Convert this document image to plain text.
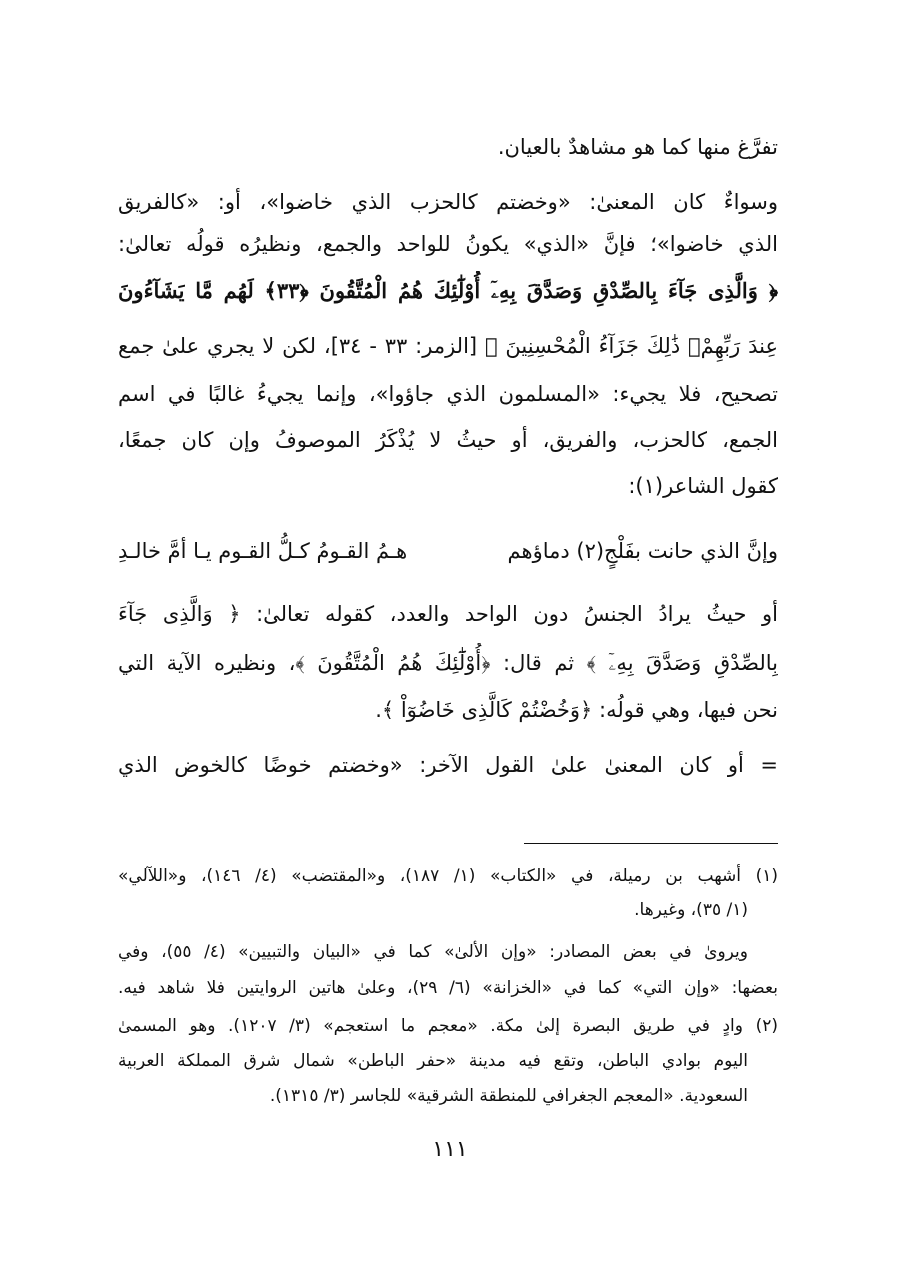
تفرَّغ منها كما هو مشاهدٌ بالعيان.
وسواءٌ كان المعنىٰ: «وخضتم كالحزب الذي خاضوا»، أو: «كالفريق
الذي خاضوا»؛ فإنَّ «الذي» يكونُ للواحد والجمع، ونظيرُه قولُه تعالىٰ:
﴿ وَالَّذِى جَآءَ بِالصِّدْقِ وَصَدَّقَ بِهِۦٓ أُوْلَٰٓئِكَ هُمُ الْمُتَّقُونَ ﴿٣٣﴾ لَهُم مَّا يَشَآءُونَ
عِندَ رَبِّهِمْۚ ذَٰلِكَ جَزَآءُ الْمُحْسِنِينَ ﴾ [الزمر: ٣٣ - ٣٤]، لكن لا يجري علىٰ جمع
تصحيح، فلا يجيء: «المسلمون الذي جاؤوا»، وإنما يجيءُ غالبًا في اسم
الجمع، كالحزب، والفريق، أو حيثُ لا يُذْكَرُ الموصوفُ وإن كان جمعًا،
كقول الشاعر(١):
وإنَّ الذي حانت بفَلْجٍ(٢) دماؤهم
هـمُ القـومُ كـلُّ القـوم يـا أمَّ خالـدِ
أو حيثُ يرادُ الجنسُ دون الواحد والعدد، كقوله تعالىٰ: ﴿ وَالَّذِى جَآءَ
بِالصِّدْقِ وَصَدَّقَ بِهِۦٓ ﴾ ثم قال: ﴿أُوْلَٰٓئِكَ هُمُ الْمُتَّقُونَ ﴾، ونظيره الآية التي
نحن فيها، وهي قولُه: ﴿وَخُضْتُمْ كَالَّذِى خَاضُوٓاْ ﴾.
= أو كان المعنىٰ علىٰ القول الآخر: «وخضتم خوضًا كالخوض الذي
(١) أشهب بن رميلة، في «الكتاب» (١/ ١٨٧)، و«المقتضب» (٤/ ١٤٦)، و«اللآلي»
(١/ ٣٥)، وغيرها.
ويروىٰ في بعض المصادر: «وإن الألىٰ» كما في «البيان والتبيين» (٤/ ٥٥)، وفي
بعضها: «وإن التي» كما في «الخزانة» (٦/ ٢٩)، وعلىٰ هاتين الروايتين فلا شاهد فيه.
(٢) وادٍ في طريق البصرة إلىٰ مكة. «معجم ما استعجم» (٣/ ١٢٠٧). وهو المسمىٰ
اليوم بوادي الباطن، وتقع فيه مدينة «حفر الباطن» شمال شرق المملكة العربية
السعودية. «المعجم الجغرافي للمنطقة الشرقية» للجاسر (٣/ ١٣١٥).
١١١
